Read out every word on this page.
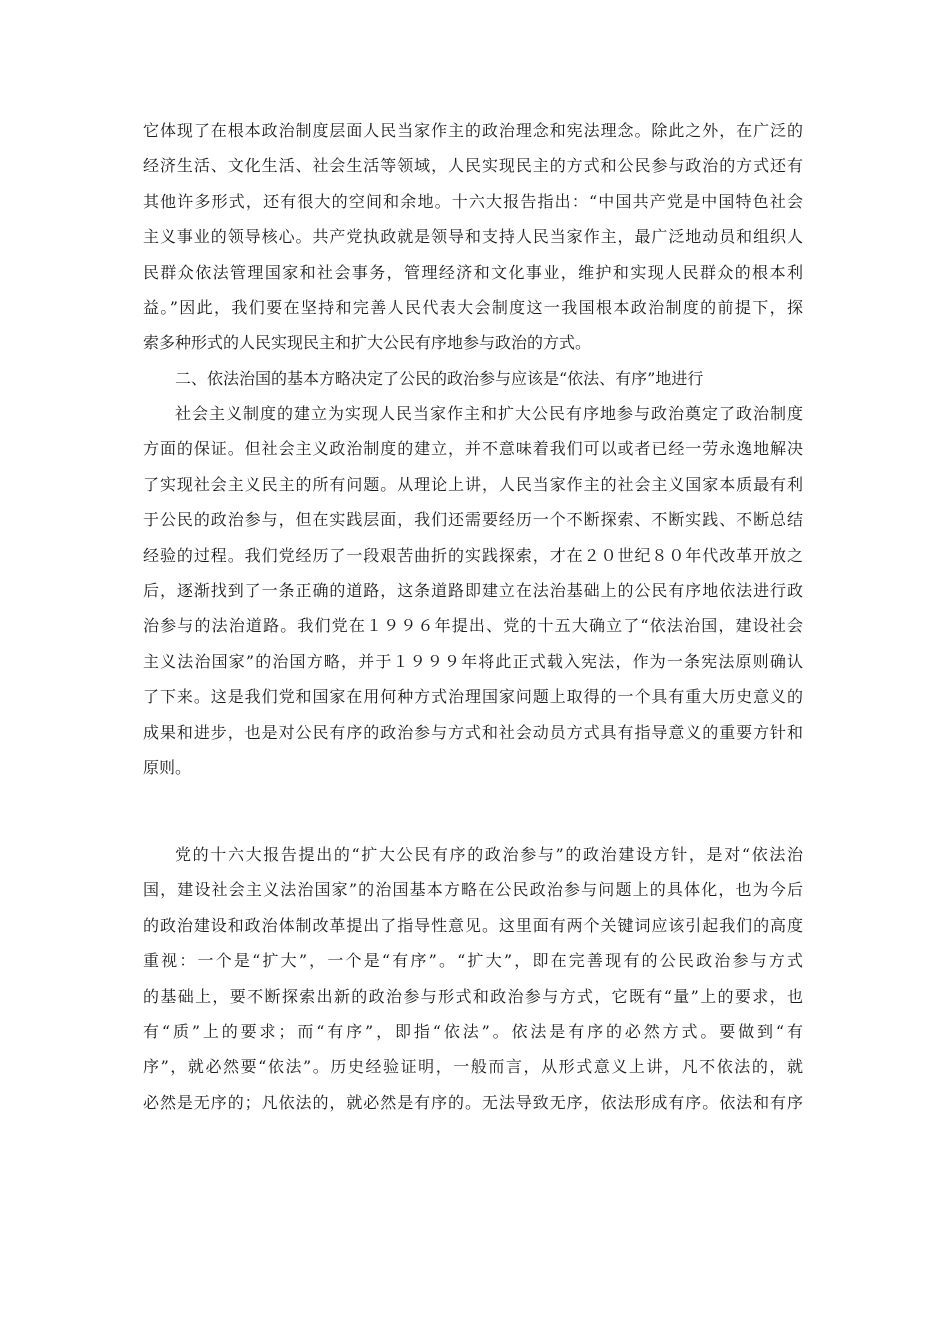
它体现了在根本政治制度层面人民当家作主的政治理念和宪法理念。除此之外，在广泛的
经济生活、文化生活、社会生活等领域，人民实现民主的方式和公民参与政治的方式还有
其他许多形式，还有很大的空间和余地。十六大报告指出：“中国共产党是中国特色社会
主义事业的领导核心。共产党执政就是领导和支持人民当家作主，最广泛地动员和组织人
民群众依法管理国家和社会事务，管理经济和文化事业，维护和实现人民群众的根本利
益。”因此，我们要在坚持和完善人民代表大会制度这一我国根本政治制度的前提下，探
索多种形式的人民实现民主和扩大公民有序地参与政治的方式。
二、依法治国的基本方略决定了公民的政治参与应该是“依法、有序”地进行
社会主义制度的建立为实现人民当家作主和扩大公民有序地参与政治奠定了政治制度
方面的保证。但社会主义政治制度的建立，并不意味着我们可以或者已经一劳永逸地解决
了实现社会主义民主的所有问题。从理论上讲，人民当家作主的社会主义国家本质最有利
于公民的政治参与，但在实践层面，我们还需要经历一个不断探索、不断实践、不断总结
经验的过程。我们党经历了一段艰苦曲折的实践探索，才在２０世纪８０年代改革开放之
后，逐渐找到了一条正确的道路，这条道路即建立在法治基础上的公民有序地依法进行政
治参与的法治道路。我们党在１９９６年提出、党的十五大确立了“依法治国，建设社会
主义法治国家”的治国方略，并于１９９９年将此正式载入宪法，作为一条宪法原则确认
了下来。这是我们党和国家在用何种方式治理国家问题上取得的一个具有重大历史意义的
成果和进步，也是对公民有序的政治参与方式和社会动员方式具有指导意义的重要方针和
原则。
党的十六大报告提出的“扩大公民有序的政治参与”的政治建设方针，是对“依法治
国，建设社会主义法治国家”的治国基本方略在公民政治参与问题上的具体化，也为今后
的政治建设和政治体制改革提出了指导性意见。这里面有两个关键词应该引起我们的高度
重视：一个是“扩大”，一个是“有序”。“扩大”，即在完善现有的公民政治参与方式
的基础上，要不断探索出新的政治参与形式和政治参与方式，它既有“量”上的要求，也
有“质”上的要求；而“有序”，即指“依法”。依法是有序的必然方式。要做到“有
序”，就必然要“依法”。历史经验证明，一般而言，从形式意义上讲，凡不依法的，就
必然是无序的；凡依法的，就必然是有序的。无法导致无序，依法形成有序。依法和有序
